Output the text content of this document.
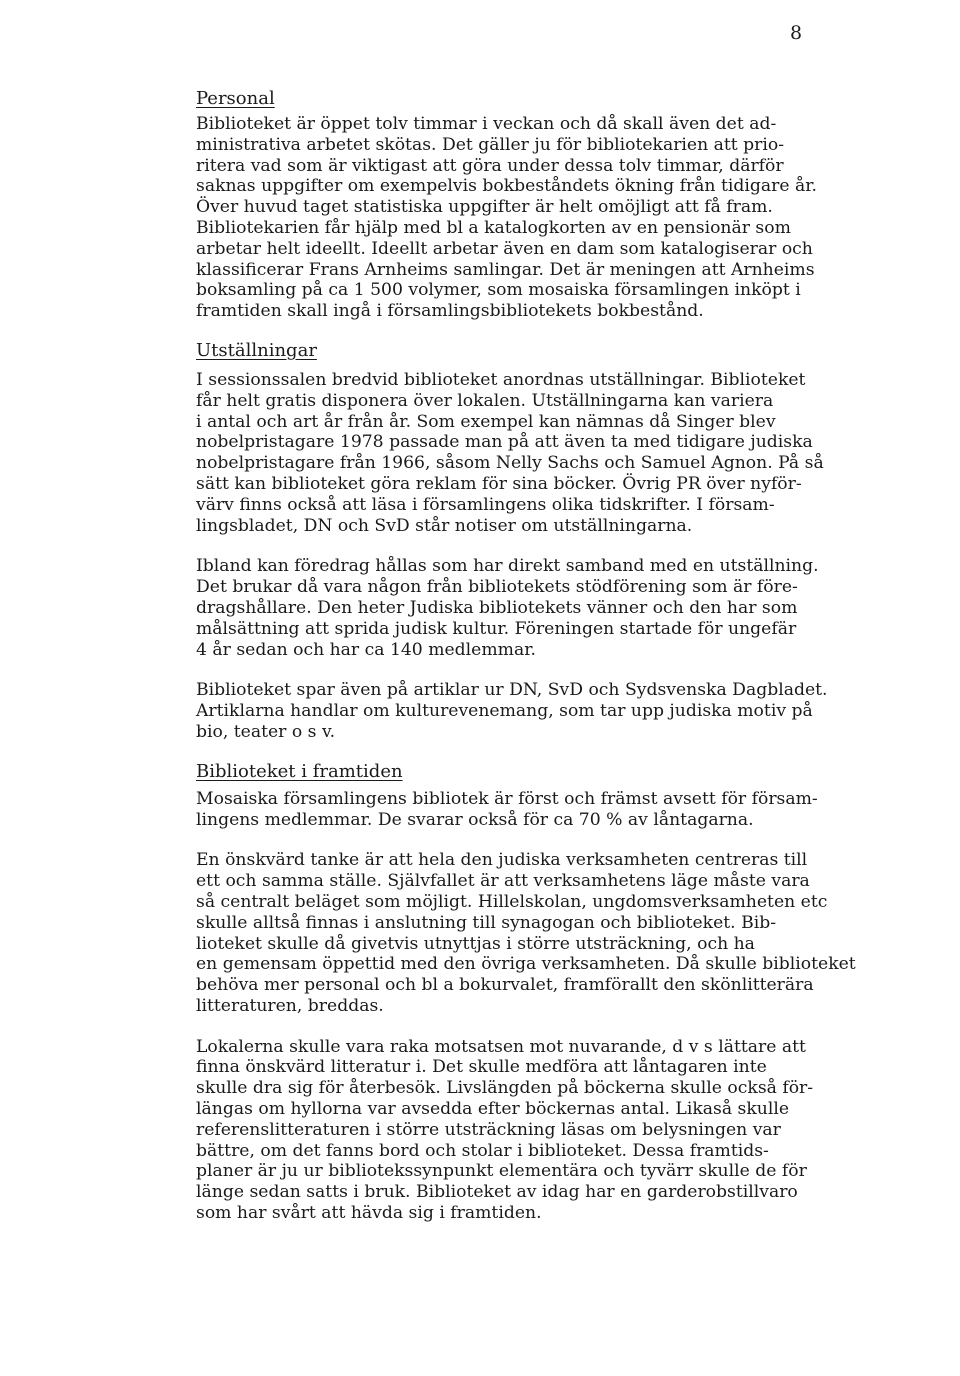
8
Personal

Biblioteket är öppet tolv timmar i veckan och då skall även det ad-
ministrativa arbetet skötas. Det gäller ju för bibliotekarien att prio-
ritera vad som är viktigast att göra under dessa tolv timmar, därför
saknas uppgifter om exempelvis bokbeståndets ökning från tidigare år.
Över huvud taget statistiska uppgifter är helt omöjligt att få fram.
Bibliotekarien får hjälp med bl a katalogkorten av en pensionär som
arbetar helt ideellt. Ideellt arbetar även en dam som katalogiserar och
klassificerar Frans Arnheims samlingar. Det är meningen att Arnheims
boksamling på ca 1 500 volymer, som mosaiska församlingen inköpt i
framtiden skall ingå i församlingsbibliotekets bokbestånd.

Utställningar

I sessionssalen bredvid biblioteket anordnas utställningar. Biblioteket
får helt gratis disponera över lokalen. Utställningarna kan variera
i antal och art år från år. Som exempel kan nämnas då Singer blev
nobelpristagare 1978 passade man på att även ta med tidigare judiska
nobelpristagare från 1966, såsom Nelly Sachs och Samuel Agnon. På så
sätt kan biblioteket göra reklam för sina böcker. Övrig PR över nyför-
värv finns också att läsa i församlingens olika tidskrifter. I försam-
lingsbladet, DN och SvD står notiser om utställningarna.

Ibland kan föredrag hållas som har direkt samband med en utställning.
Det brukar då vara någon från bibliotekets stödförening som är före-
dragshållare. Den heter Judiska bibliotekets vänner och den har som
målsättning att sprida judisk kultur. Föreningen startade för ungefär
4 år sedan och har ca 140 medlemmar.

Biblioteket spar även på artiklar ur DN, SvD och Sydsvenska Dagbladet.
Artiklarna handlar om kulturevenemang, som tar upp judiska motiv på
bio, teater o s v.

Biblioteket i framtiden

Mosaiska församlingens bibliotek är först och främst avsett för försam-
lingens medlemmar. De svarar också för ca 70 % av låntagarna.

En önskvärd tanke är att hela den judiska verksamheten centreras till
ett och samma ställe. Självfallet är att verksamhetens läge måste vara
så centralt beläget som möjligt. Hillelskolan, ungdomsverksamheten etc
skulle alltså finnas i anslutning till synagogan och biblioteket. Bib-
lioteket skulle då givetvis utnyttjas i större utsträckning, och ha
en gemensam öppettid med den övriga verksamheten. Då skulle biblioteket
behöva mer personal och bl a bokurvalet, framförallt den skönlitterära
litteraturen, breddas.

Lokalerna skulle vara raka motsatsen mot nuvarande, d v s lättare att
finna önskvärd litteratur i. Det skulle medföra att låntagaren inte
skulle dra sig för återbesök. Livslängden på böckerna skulle också för-
längas om hyllorna var avsedda efter böckernas antal. Likaså skulle
referenslitteraturen i större utsträckning läsas om belysningen var
bättre, om det fanns bord och stolar i biblioteket. Dessa framtids-
planer är ju ur bibliotekssynpunkt elementära och tyvärr skulle de för
länge sedan satts i bruk. Biblioteket av idag har en garderobstillvaro
som har svårt att hävda sig i framtiden.
